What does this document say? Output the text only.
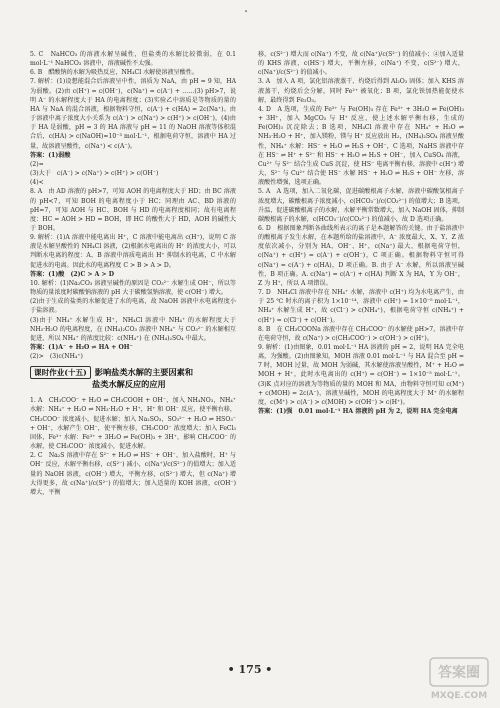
•

5. C　NaHCO₃ 的溶液水解呈碱性，但盐类的水解比较微弱，在 0.1 mol·L⁻¹ NaHCO₃ 溶液中，溶液碱性不太强。

6. B　醋酸钠的水解为吸热反应，NH₄Cl 水解使溶液呈酸性。

7. 解析：(1)设想能混合后溶液呈中性，溶质为 NaA，由 pH = 9 知，HA 为弱酸。(2)由 c(H⁺) = c(OH⁻)，c(Na⁺) = c(A⁻) + ……(3) pH>7，说明 A⁻ 的水解程度大于 HA 的电离程度；(3)实验乙中溶质是等物质的量的 HA 与 NaA 的混合溶液，根据物料守恒，c(A⁻) + c(HA) = 2c(Na⁺)。由于溶液中离子浓度大小关系为 c(A⁻) > c(Na⁺) > c(H⁺) > c(OH⁻)，(4)由于 HA 是弱酸，pH = 3 的 HA 溶液与 pH = 11 的 NaOH 溶液等体积混合后，c(HA) > c(NaOH)=10⁻³ mol·L⁻¹，根据电荷守恒，溶液中 HA 过量，故溶液呈酸性，c(Na⁺) < c(A⁻)。

答案：(1)弱酸

(2)=

(3)大于　c(A⁻) > c(Na⁺) > c(H⁺) > c(OH⁻)

(4)<

8. A　由 AD 溶液的 pH>7，可知 AOH 的电离程度大于 HD；由 BC 溶液的 pH<7，可知 BOH 的电离程度小于 HC；同理由 AC、BD 溶液的 pH=7，可知 AOH 与 HC、BOH 与 HD 的电离程度相同；故有电离程度：HC = AOH > HD = BOH，即 HC 的酸性大于 HD，AOH 的碱性大于 BOH。

9. 解析：(1)A 溶液中能电离出 H⁺，C 溶液中能电离出 c(H⁺)，说明 C 溶液是水解呈酸性的 NH₄Cl 溶液，(2)根据水电离出的 H⁺ 的浓度大小，可以判断水电离的程度：A、B 溶液中溶质电离出 H⁺ 抑制水的电离，C 中水解促进水的电离。因此水的电离程度 C > B > A > D。

答案：(1)酸　(2)C > A > D

10. 解析：(1)Na₂CO₃ 溶液呈碱性的原因是 CO₃²⁻ 水解生成 OH⁻，所以等物质的量浓度时碳酸钠溶液的 pH 大于碳酸氢钠溶液，使 c(OH⁻) 增大。

(2)由于生成的盐类的水解促进了水的电离，故 NaOH 溶液中水电离程度小于盐溶液。

(3)由于 NH₄⁺ 水解生成 H⁺，NH₄Cl 溶液中 NH₄⁺ 的水解程度大于 NH₃·H₂O 的电离程度，在 (NH₄)₂CO₃ 溶液中 NH₄⁺ 与 CO₃²⁻ 的水解相互促进，所以 NH₄⁺ 的浓度比较：c(NH₄⁺) 在 (NH₄)₂SO₄ 中最大。

答案：(1)A⁻ + H₂O ⇌ HA + OH⁻

(2)>　(3)c(NH₄⁺)

课时作业(十五) 影响盐类水解的主要因素和
盐类水解反应的应用

1. A　CH₃COO⁻ + H₂O ⇌ CH₃COOH + OH⁻，加入 NH₄NO₃，NH₄⁺ 水解：NH₄⁺ + H₂O ⇌ NH₃·H₂O + H⁺，H⁺ 和 OH⁻ 反应，使平衡右移，CH₃COO⁻ 浓度减小，促进水解；加入 Na₂SO₃，SO₃²⁻ + H₂O ⇌ HSO₃⁻ + OH⁻，水解产生 OH⁻，使平衡左移，CH₃COO⁻ 浓度增大；加入 FeCl₃ 固体，Fe³⁺ 水解：Fe³⁺ + 3H₂O ⇌ Fe(OH)₃ + 3H⁺，影响 CH₃COO⁻ 的水解，使 CH₃COO⁻ 浓度减小，促进水解。

2. C　Na₂S 溶液中存在 S²⁻ + H₂O ⇌ HS⁻ + OH⁻，加入盐酸时，H⁺ 与 OH⁻ 反应，水解平衡右移，c(S²⁻) 减小，c(Na⁺)/c(S²⁻) 的值增大；加入适量的 NaOH 溶液，c(OH⁻) 增大，平衡左移，c(S²⁻) 增大，但 c(Na⁺) 增大得更多，故 c(Na⁺)/c(S²⁻) 的值增大；加入适量的 KOH 溶液，c(OH⁻) 增大，平衡

移，c(S²⁻) 增大而 c(Na⁺) 不变，故 c(Na⁺)/c(S²⁻) 的值减小；④加入适量的 KHS 溶液，c(HS⁻) 增大，平衡左移，c(Na⁺) 不变，c(S²⁻) 增大，c(Na⁺)/c(S²⁻) 的值减小。

3. A　加入 A 项，氯化铝溶液蒸干、灼烧后得到 Al₂O₃ 固体；加入 KHS 溶液蒸干，灼烧后会分解，同时 Fe²⁺ 被氧化；B 项，氯化铁加热能促使水解，最终得到 Fe₂O₃。

4. D　A 选项，生成的 Fe³⁺ 与 Fe(OH)₃ 存在 Fe³⁺ + 3H₂O ⇌ Fe(OH)₃ + 3H⁺，加入 MgCO₃ 与 H⁺ 反应，使上述水解平衡右移，生成的 Fe(OH)₃ 沉淀除去；B 选项，NH₄Cl 溶液中存在 NH₄⁺ + H₂O ⇌ NH₃·H₂O + H⁺，加入镁粉，镁与 H⁺ 反应放出 H₂，(NH₄)₂SO₄ 溶液呈酸性，NH₄⁺ 水解：HS⁻ + H₂O ⇌ H₂S + OH⁻，C 选项，NaHS 溶液中存在 HS⁻ ⇌ H⁺ + S²⁻ 和 HS⁻ + H₂O ⇌ H₂S + OH⁻，加入 CuSO₄ 溶液，Cu²⁺ 与 S²⁻ 结合生成 CuS 沉淀，使 HS⁻ 电离平衡右移，溶液中 c(H⁺) 增大，S²⁻ 与 Cu²⁺ 结合使 HS⁻ 水解 HS⁻ + H₂O ⇌ H₂S + OH⁻ 左移，溶液酸性增强，选项正确。

5. A　A 选项，加入二氧化碳，促进碳酸根离子水解，溶液中碳酸氢根离子浓度增大，碳酸根离子浓度减小，c(HCO₃⁻)/c(CO₃²⁻) 的值增大；B 选项，升温，促进碳酸根离子的水解，水解平衡常数增大，加入 NaOH 固体，抑制碳酸根离子的水解，c(HCO₃⁻)/c(CO₃²⁻) 的值减小，故 D 选项正确。

6. D　根据图象判断各曲线所表示的离子是本题解答的关键。由于盐溶液中的酸根离子发生水解，在本题所给的盐溶液中，A⁻ 浓度最大，X、Y、Z 浓度依次减小，分别为 HA、OH⁻、H⁺，c(Na⁺) 最大，根据电荷守恒，c(Na⁺) + c(H⁺) = c(A⁻) + c(OH⁻)，C 项正确。根据物料守恒可得 c(Na⁺) = c(A⁻) + c(HA)，D 项正确。B. 由于 A⁻ 水解，所以溶液呈碱性，B 项正确。A. c(Na⁺) = c(A⁻) + c(HA) 判断 X 为 HA，Y 为 OH⁻，Z 为 H⁺，所以 A 项错误。

7. D　NH₄Cl 溶液中存在 NH₄⁺ 水解，溶液中 c(H⁺) 均为水电离产生，由于 25 ℃ 时水的离子积为 1×10⁻¹⁴，溶液中 c(H⁺) = 1×10⁻⁵ mol·L⁻¹，NH₄⁺ 水解生成 H⁺，故 c(Cl⁻) > c(NH₄⁺)，根据电荷守恒 c(NH₄⁺) + c(H⁺) = c(Cl⁻) + c(OH⁻)。

8. B　在 CH₃COONa 溶液中存在 CH₃COO⁻ 的水解使 pH>7，溶液中存在电荷守恒，故 c(Na⁺) > c(CH₃COO⁻) > c(OH⁻) > c(H⁺)。

9. 解析：(1)由图象，0.01 mol·L⁻¹ HA 溶液的 pH = 2，说明 HA 完全电离，为强酸。(2)由图象知，MOH 溶液 0.01 mol·L⁻¹ 与 HA 混合至 pH = 7 时，MOH 过量，故 MOH 为弱碱，其水解使溶液呈酸性，M⁺ + H₂O ⇌ MOH + H⁺，此时水电离出的 c(H⁺) = c(OH⁻) = 1×10⁻⁵ mol·L⁻¹。(3)K 点对应的溶液为等物质的量的 MOH 和 MA，由物料守恒可知 c(M⁺) + c(MOH) = 2c(A⁻)，溶液呈碱性，MOH 的电离程度大于 M⁺ 的水解程度，c(M⁺) > c(A⁻) > c(MOH) > c(OH⁻) > c(H⁺)。

答案：(1)强　0.01 mol·L⁻¹ HA 溶液的 pH 为 2，说明 HA 完全电离

• 175 •	答案圈
MXQE.COM
